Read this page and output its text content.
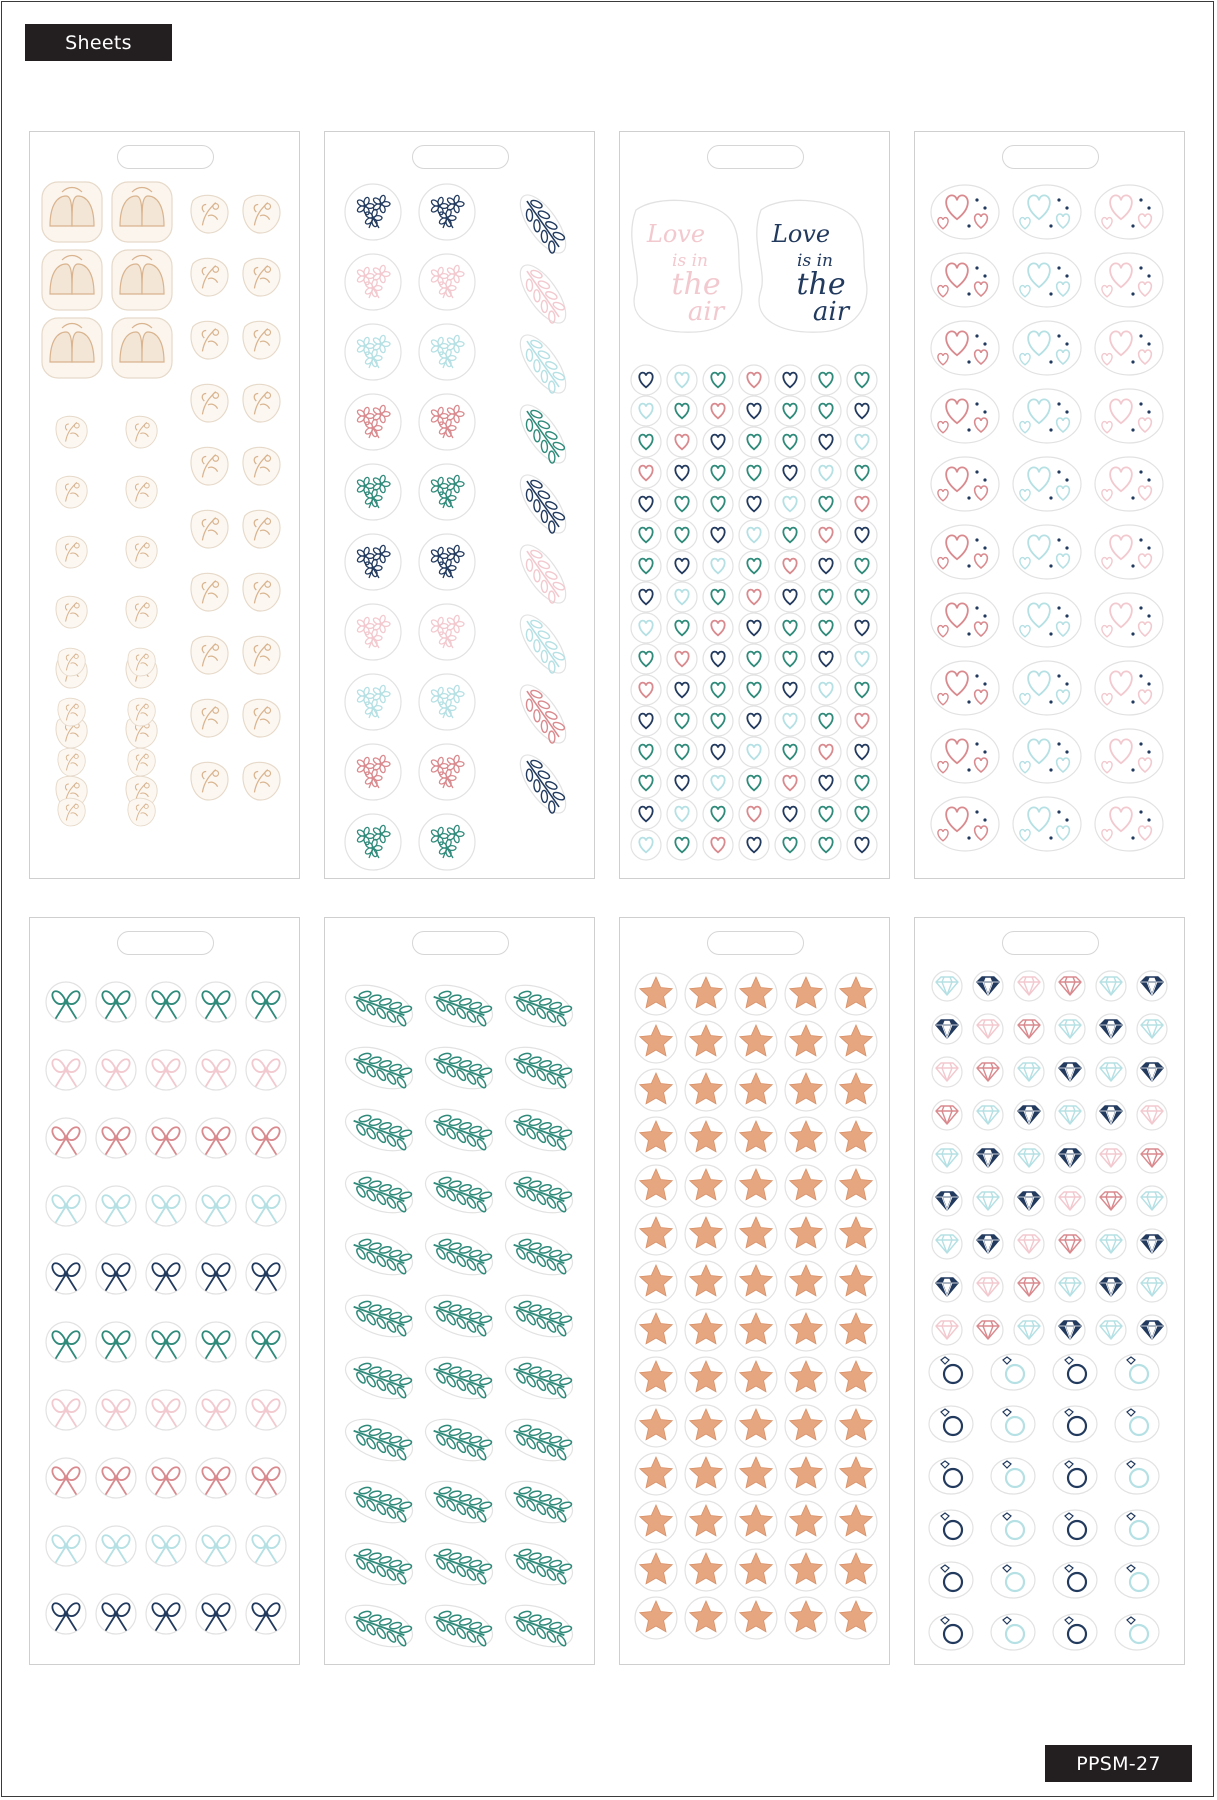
Sheets
Love
is in
the
air
Love
is in
the
air
PPSM-27
